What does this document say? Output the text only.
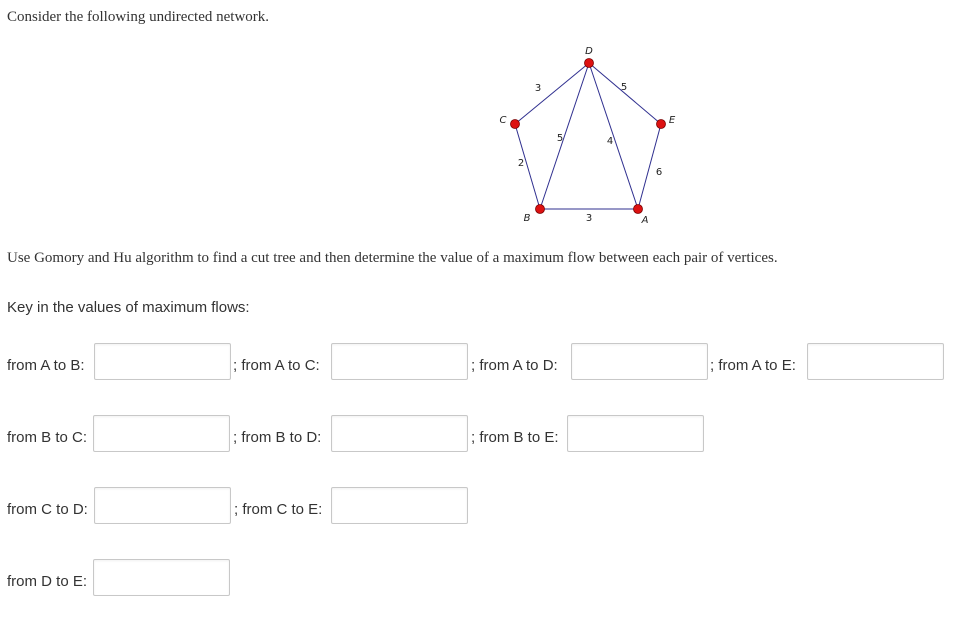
Consider the following undirected network.
3	5
5	4
2
6
3
D
C	E
B	A
Use Gomory and Hu algorithm to find a cut tree and then determine the value of a maximum flow between each pair of vertices.
Key in the values of maximum flows:
from A to B:	; from A to C:	; from A to D:	; from A to E:
from B to C:	; from B to D:	; from B to E:
from C to D:	; from C to E:
from D to E:
